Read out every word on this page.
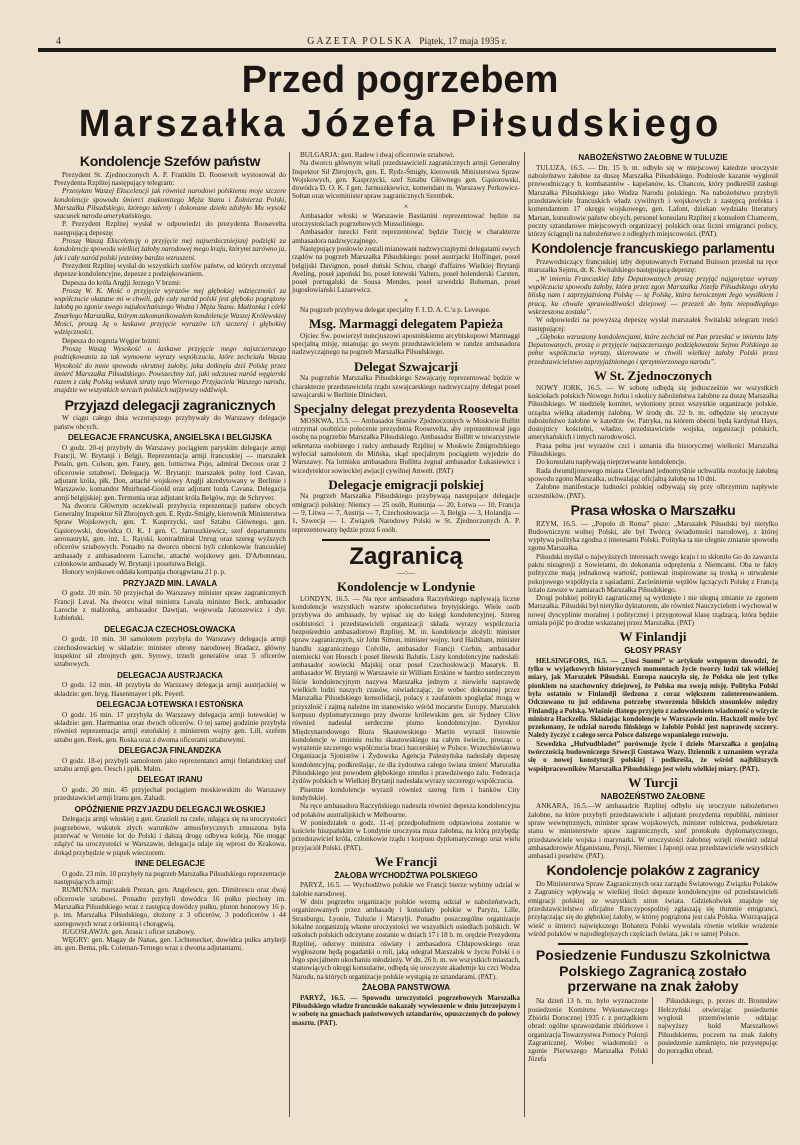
4	GAZETA POLSKA Piątek, 17 maja 1935 r.
Przed pogrzebem
Marszałka Józefa Piłsudskiego
Kondolencje Szefów państw
Prezydent St. Zjednoczonych A. P. Franklin D. Roosevelt wystosował do Prezydenta Rzplitej następujący telegram:
Przesyłam Waszej Ekscelencji jak również narodowi polskiemu moje szczere kondolencje spowodu śmierci znakomitego Męża Stanu i Żołnierza Polski, Marszałka Piłsudskiego, którego talenty i dokonane dzieło zdobyło Mu wysoki szacunek narodu amerykańskiego.
P. Prezydent Rzplitej wysłał w odpowiedzi do prezydenta Roosevelta następującą depeszę:
Proszę Waszą Ekscelencję o przyjęcie mej najserdeczniejszej podzięki za kondolencje spowodu wielkiej żałoby narodowej mego kraju, którymi zarówno ja, jak i cały naród polski jesteśmy bardzo wzruszeni.
Prezydent Rzplitej wysłał do wszystkich szefów państw, od których otrzymał depesze kondolencyjne, depesze z podziękowaniem.
Depesza do króla Anglji Jerzego V brzmi:
Proszę W. K. Mość o przyjęcie wyrazów mej głębokiej wdzięczności za współczucie okazane mi w chwili, gdy cały naród polski jest głęboko pogrążony żałobą po zgonie swego najukochańszego Wodza i Męża Stanu. Małżonka i córki Zmarłego Marszałka, którym zakomunikowałem kondolencje Waszej Królewskiej Mości, proszą Ją o łaskawe przyjęcie wyrazów ich szczerej i głębokiej wdzięczności.
Depesza do regenta Węgier brzmi:
Proszę Waszą Wysokość o łaskawe przyjęcie mego najszczerszego podziękowania za tak wymowne wyrazy współczucia, które zechciała Wasza Wysokość do mnie spowodu okrutnej żałoby, jaka dotknęła dziś Polskę przez śmierć Marszałka Piłsudskiego. Powszechny żal, jaki odczuwa naród węgierski razem z całą Polską wskutek straty tego Wiernego Przyjaciela Waszego narodu, znajdzie we wszystkich sercach polskich najżywszy oddźwięk.
Przyjazd delegacji zagranicznych
W ciągu całego dnia wczorajszego przybywały do Warszawy delegacje państw obcych.
DELEGACJE FRANCUSKA, ANGIELSKA I BELGIJSKA
O godz. 20-ej przybyły do Warszawy pociągiem paryskim delegacje armji Francji, W. Brytanji i Belgji. Reprezentacja armji francuskiej — marszałek Petain, gen. Colson, gen. Faury, gen. lotnictwa Pujo, admirał Decoux oraz 2 oficerowie sztabowi. Delegacja W. Brytanji: marszałek polny lord Cavan, adjutant króla, płk. Don, attaché wojskowy Anglji akredytowany w Berlinie i Warszawie, komandor Muirhead-Goold oraz adjutant lorda Cavana. Delegacja armji belgijskiej: gen. Termonia oraz adjutant króla Belgów, mjr. de Schryver.
Na dworcu Głównym oczekiwali przybycia reprezentacji państw obcych Generalny Inspektor Sił Zbrojnych gen. E. Rydz-Śmigły, kierownik Ministerstwa Spraw Wojskowych, gen. T. Kasprzycki, szef Sztabu Głównego, gen. Gąsiorowski, dowódca O. K. I gen. C. Jarnuszkiewicz, szef departamentu aeronautyki, gen. inż. L. Rayski, kontradmirał Unrug oraz szereg wyższych oficerów sztabowych. Ponadto na dworcu obecni byli członkowie francuskiej ambasady z ambasadorem Laroche, attaché wojskowy gen. D'Arbonneau, członkowie ambasady W. Brytanji i poselstwa Belgji.
Honory wojskowe oddała kompanja chorągwiana 21 p. p.
PRZYJAZD MIN. LAVALA
O godz. 20 min. 50 przyjechał do Warszawy minister spraw zagranicznych Francji Laval. Na dworcu witał ministra Lavala minister Beck, ambasador Laroche z małżonką, ambasador Dawtjan, wojewoda Jaroszewicz i dyr. Łubieński.
DELEGACJA CZECHOSŁOWACKA
O godz. 10 min. 30 samolotem przybyła do Warszawy delegacja armji czechosłowackiej w składzie: minister obrony narodowej Bradacz, główny inspektor sił zbrojnych gen. Syrowy, trzech generałów oraz 5 oficerów sztabowych.
DELEGACJA AUSTRJACKA
O godz. 12 min. 48 przybyła do Warszawy delegacja armji austrjackiej w składzie: gen. bryg. Hasenmayer i płk. Peyerl.
DELEGACJA ŁOTEWSKA I ESTOŃSKA
O godz. 16 min. 17 przybyła do Warszawy delegacja armji łotewskiej w składzie: gen. Hartmanisa oraz dwuch oficerów. O tej samej godzinie przybyła również reprezentacja armji estońskiej z ministrem wojny gen. Lill, szefem sztabu gen. Reek, gen. Roska oraz z dwoma oficerami sztabowymi.
DELEGACJA FINLANDZKA
O godz. 18-ej przybyli samolotem jako reprezentanci armji finlandzkiej szef sztabu armji gen. Oesch i ppłk. Malm.
DELEGAT IRANU
O godz. 20 min. 45 przyjechał pociągiem moskiewskim do Warszawy przedstawiciel armji Iranu gen. Zahadi.
OPÓŹNIENIE PRZYJAZDU DELEGACJI WŁOSKIEJ
Delegacja armji włoskiej z gen. Grazioli na czele, udająca się na uroczystości pogrzebowe, wskutek złych warunków atmosferycznych zmuszona była przerwać w Veronie lot do Polski i dalszą drogę odbywa koleją. Nie mogąc zdążyć na uroczystości w Warszawie, delegacja udaje się wprost do Krakowa, dokąd przybędzie w piątek wieczorem.
INNE DELEGACJE
O godz. 23 min. 10 przybyły na pogrzeb Marszałka Piłsudskiego reprezentacje następujących armji:
RUMUNJA: marszałek Prezan, gen. Angelescu, gen. Dimitrescu oraz dwaj oficerowie sztabowi. Ponadto przybyli dowódca 16 pułku piechoty im. Marszałka Piłsudskiego wraz z zastępcą dowódcy pułku, pluton honorowy 16 p. p. im. Marszałka Piłsudskiego, złożony z 3 oficerów, 3 podoficerów i 44 szeregowych wraz z orkiestrą i chorągwią.
JUGOSŁAWJA: gen. Arasic i oficer sztabowy.
WĘGRY: gen. Magay de Nanas, gen. Lichtenecker, dowódca pułku artylerji im. gen. Bema, płk. Coleman-Ternego wraz z dwoma adjutantami.
BULGARJA: gen. Radew i dwaj oficerowie sztabowi.
Na dworcu głównym witali przedstawicieli zagranicznych armji Generalny Inspektor Sił Zbrojnych, gen. E. Rydz-Śmigły, kierownik Ministerstwa Spraw Wojskowych, gen. Kasprzycki, szef Sztabu Głównego gen. Gąsiorowski, dowódca D. O. K. I gen. Jarnuszkiewicz, komendant m. Warszawy Perkowicz-Sołtan oraz wiceminister spraw zagranicznych Szembek.
×
Ambasador włoski w Warszawie Bastianini reprezentować będzie na uroczystościach pogrzebowych Mussoliniego.
Ambasador turecki Ferit reprezentować będzie Turcję w charakterze ambasadora nadzwyczajnego.
Następujący posłowie zostali mianowani nadzwyczajnymi delegatami swych rządów na pogrzeb Marszałka Piłsudskiego: poseł austrjacki Hoffinger, poseł belgijski Davignon, poseł duński Schou, chargé d'affaires Wielkiej Brytanji Aveling, poseł japoński Ito, poseł łotewski Valters, poseł holenderski Carsten, poseł portugalski de Sousa Mendes, poseł szwedzki Boheman, poseł jugosłowiański Lazarewicz.
×
Na pogrzeb przybywa delegat specjalny F. I. D. A. C.'u p. Leveque.
Msg. Marmaggi delegatem Papieża
Ojciec Św. powierzył nuncjuszowi apostolskiemu arcybiskupowi Marmaggi specjalną misję, mianując go swym przedstawicielem w randze ambasadora nadzwyczajnego na pogrzeb Marszałka Piłsudskiego.
Delegat Szwajcarji
Na pogrzebie Marszałka Piłsudskiego Szwajcarję reprezentować będzie w charakterze przedstawiciela rządu szwajcarskiego nadzwyczajny delegat poseł szwajcarski w Berlinie Dinichert.
Specjalny delegat prezydenta Roosevelta
MOSKWA, 15.5. — Ambasador Stanów Zjednoczonych w Moskwie Bullitt otrzymał osobiście polecenie prezydenta Roosevelta, aby reprezentował jego osobę na pogrzebie Marszałka Piłsudskiego. Ambasador Bullitt w towarzystwie sekretarza osobistego i radcy ambasady Rzplitej w Moskwie Żmigrodzkiego wyleciał samolotem do Mińska, skąd specjalnym pociągiem wyjedzie do Warszawy. Na lotnisku ambasadora Bullitta żegnał ambasador Łukasiewicz i wicedyrektor sowieckiej awjacji cywilnej Anwelt. (PAT)
Delegacje emigracji polskiej
Na pogrzeb Marszałka Piłsudskiego przybywają następujące delegacje emigracji polskiej: Niemcy — 25 osób, Rumunja — 20, Łotwa — 10, Francja — 9, Litwa — 7, Austrja — 7, Czechosłowacja — 3, Belgja — 3, Holandja — 1, Szwecja — 1. Związek Narodowy Polski w St. Zjednoczonych A. P. reprezentowany będzie przez 6 osób.
Zagranicą
—○—
Kondolencje w Londynie
LONDYN, 16.5. — Na ręce ambasadora Raczyńskiego napływają liczne kondolencje wszystkich warstw społeczeństwa brytyjskiego. Wiele osób przybywa do ambasady, by wpisać się do księgi kondolencyjnej. Szereg osobistości i przedstawicieli organizacji składa wyrazy współczucia bezpośrednio ambasadorowi Rzplitej. M. in. kondolencje złożyli: minister spraw zagranicznych, sir John Simon, minister wojny, lord Hailsham, minister handlu zagranicznego Colville, ambasador Francji Corbin, ambasador niemiecki von Hoesch i poseł litewski Balutis. Listy kondolencyjne nadesłali: ambasador sowiecki Majskij oraz poseł Czechosłowacji Masaryk. B. ambasador W. Brytanji w Warszawie sir William Erskine w bardzo serdecznym liście kondolencyjnym nazywa Marszałka jednym z niewielu naprawdę wielkich ludzi naszych czasów, oświadczając, że wobec dokonanej przez Marszałka Piłsudskiego konsolidacji, polacy z zaufaniem spoglądać mogą w przyszłość i zajmą należne im stanowisko wśród mocarstw Europy. Marszałek korpusu dyplomatycznego przy dworze królewskim gen. sir Sydney Clive również nadesłał serdeczne pismo kondolencyjne. Dyrektor Międzynarodowego Biura Skautowskiego Martin wyraził listownie kondolencje w imieniu ruchu skautowskiego na całym świecie, prosząc o wyrażenie szczerego współczucia braci harcerskiej w Polsce. Wszechświatowa Organizacja Sjonistów i Żydowska Agencja Palestyńska nadesłały depeszę kondolencyjną, podkreślając, że dla żydostwa całego świata śmierć Marszałka Piłsudskiego jest powodem głębokiego smutku i prawdziwego żalu. Federacja żydów polskich w Wielkiej Brytanji nadesłała wyrazy szczerego współczucia.
Pisemne kondolencje wyraził również szereg firm i banków City londyńskiej.
Na ręce ambasadora Raczyńskiego nadeszła również depesza kondolencyjna od polaków australijskich w Melbourne.
W poniedziałek o godz. 11-ej przedpołudniem odprawiona zostanie w kościele hiszpańskim w Londynie uroczysta msza żałobna, na którą przybędą: przedstawiciel króla, członkowie rządu i korpusu dyplomatycznego oraz wielu przyjaciół Polski. (PAT).
We Francji
ŻAŁOBA WYCHODŹTWA POLSKIEGO
PARYŻ, 16.5. — Wychodźtwo polskie we Francji bierze wybitny udział w żałobie narodowej.
W dniu pogrzebu organizacje polskie wezmą udział w nabożeństwach, organizowanych przez ambasadę i konsulaty polskie w Paryżu, Lille, Strasburgu, Lyonie, Tuluzie i Marsylji. Ponadto poszczególne organizacje lokalne zorganizują własne uroczystości we wszystkich osiedlach polskich. W szkołach polskich odczytane zostanie w dniach 17 i 18 b. m. orędzie Prezydenta Rzplitej, odezwy ministra oświaty i ambasadora Chłapowskiego oraz wygłoszone będą pogadanki o roli, jaką odegrał Marszałek w życiu Polski i o Jego specjalnem ukochaniu młodzieży. W dn. 26 b. m. we wszystkich miastach, stanowiących okręgi konsularne, odbędą się uroczyste akademje ku czci Wodza Narodu, na których organizacje polskie wystąpią ze sztandarami. (PAT).
ŻAŁOBA PANSTWOWA
PARYŻ, 16.5. — Spowodu uroczystości pogrzebowych Marszałka Piłsudskiego władze francuskie nakazały wywieszenie w dniu jutrzejszym i w sobotę na gmachach państwowych sztandarów, opuszczonych do połowy masztu. (PAT).
NABOŻEŃSTWO ŻAŁOBNE W TULUZIE
TULUZA, 16.5. — Dn. 15 b. m. odbyło się w miejscowej katedrze uroczyste nabożeństwo żałobne za duszę Marszałka Piłsudskiego. Podniosłe kazanie wygłosił przewodniczący b. kombatantów - kapelanów, ks. Chancou, który podkreślił zasługi Marszałka Piłsudskiego jako Wodza Narodu polskiego. Na nabożeństwo przybyli przedstawiciele francuskich władz cywilnych i wojskowych z zastępcą prefekta i komendantem 17 okręgu wojskowego, gen. Lafont, dziekan wydziału literatury Marsan, konsulowie państw obcych, personel konsulatu Rzplitej z konsulem Chamcem, poczty sztandarowe miejscowych organizacyj polskich oraz liczni emigranci polscy, którzy ściągnęli na nabożeństwo z odległych miejscowości. (PAT).
Kondolencje francuskiego parlamentu
Przewodniczący francuskiej izby deputowanych Fernand Buisson przesłał na ręce marszałka Sejmu, dr. K. Świtalskiego następującą depeszę:
„W imieniu Francuskiej Izby Deputowanych proszę przyjąć najgorętsze wyrazy współczucia spowodu żałoby, która przez zgon Marszałka Józefa Piłsudskiego okryła bliską nam i zaprzyjaźnioną Polskę — tę Polskę, która heroicznym Jego wysiłkiem i pracą, ku chwale sprawiedliwości dziejowej — przezeń do bytu niepodległego wskrzeszona została”.
W odpowiedzi na powyższą depeszę wysłał marszałek Świtalski telegram treści następującej:
„Głęboko wzruszony kondolencjami, które zechciał mi Pan przesłać w imieniu Izby Deputowanych, proszę o przyjęcie najszczerszego podziękowania Sejmu Polskiego za pełne współczucia wyrazy, skierowane w chwili wielkiej żałoby Polski przez przedstawicielstwo zaprzyjaźnionego i sprzymierzonego narodu”.
W St. Zjednoczonych
NOWY JORK, 16.5. — W sobotę odbędą się jednocześnie we wszystkich kościołach polskich Nowego Jorku i okolicy nabożeństwa żałobne za duszę Marszałka Piłsudskiego. W niedzielę komitet, wyłoniony przez wszystkie organizacje polskie, urządza wielką akademję żałobną. W środę dn. 22 b. m. odbędzie się uroczyste nabożeństwo żałobne w katedrze św. Patryka, na którem obecni będą kardynał Hays, dostojnicy kościelni, władze, przedstawiciele wojska, organizacji polskich, amerykańskich i innych narodowości.
Prasa pełna jest wyrazów czci i uznania dla historycznej wielkości Marszałka Piłsudskiego.
Do konsulatu napływają nieprzerwanie kondolencje.
Rada dwumiljonowego miasta Cleveland jednomyślnie uchwaliła rezolucję żałobną spowodu zgonu Marszałka, uchwalając oficjalną żałobę na 10 dni.
Żałobne manifestacje ludności polskiej odbywają się przy olbrzymim napływie uczestników. (PAT).
Prasa włoska o Marszałku
RZYM, 16.5. — „Popolo di Roma” pisze: „Marszałek Piłsudski był nietylko Budowniczym wolnej Polski, ale był Twórcą świadomości narodowej, z której wypływa polityka zgodna z interesami Polski. Polityka ta nie ulegnie zmianie spowodu zgonu Marszałka.
Piłsudski myślał o najwyższych interesach swego kraju i to skłoniło Go do zawarcia paktu nieagresji z Sowietami, do dokonania odprężenia z Niemcami. Oba te fakty polityczne mają jednakową wartość, ponieważ inspirowane są troską o utrwalenie pokojowego współżycia z sąsiadami. Zacieśnienie węzłów łączących Polskę z Francją leżało zawsze w zamiarach Marszałka Piłsudskiego.
Drogi polskiej polityki zagranicznej są wytknięte i nie ulegną zmianie ze zgonem Marszałka. Piłsudski był nietylko dyktatorem, ale również Nauczycielem i wychował w nowej dyscyplinie moralnej i politycznej i przygotował klasę rządzącą, która będzie umiała pójść po drodze wskazanej przez Marszałka. (PAT)
W Finlandji
GŁOSY PRASY
HELSINGFORS, 16.5. — „Uusi Suomi” w artykule wstępnym dowodzi, że tylko w wyjątkowych historycznych momentach życie tworzy ludzi tak wielkiej miary, jak Marszałek Piłsudski. Europa nauczyła się, że Polska nie jest tylko pionkiem na szachownicy dziejowej, że Polska ma swoją misję. Polityka Polski była ostatnio w Finlandji śledzona z coraz większem zainteresowaniem. Odczuwano tu już oddawna potrzebę stworzenia bliskich stosunków między Finlandją a Polską. Właśnie dlatego przyjęto z zadowoleniem wiadomość o wizycie ministra Hackzella. Składając kondolencje w Warszawie min. Hackzell może być przekonany, że udział narodu fińskiego w żałobie Polski jest naprawdę szczery. Należy życzyć z całego serca Polsce dalszego wspaniałego rozwoju.
Szwedzka „Hufvudbladet” porównuje życie i dzieło Marszałka z genjalną twórczością budowniczego Szwecji Gustawa Wazy. Dziennik z uznaniem wyraża się o nowej konstytucji polskiej i podkreśla, że wśród najbliższych współpracowników Marszałka Piłsudskiego jest wielu wielkiej miary. (PAT).
W Turcji
NABOŻEŃSTWO ŻAŁOBNE
ANKARA, 16.5.—W ambasadzie Rzplitej odbyło się uroczyste nabożeństwo żałobne, na które przybyli przedstawiciele i adjutant prezydenta republiki, minister spraw wewnętrznych, minister spraw wojskowych, minister rolnictwa, podsekretarz stanu w ministerstwie spraw zagranicznych, szef protokułu dyplomatycznego, przedstawiciele wojska i marynarki. W uroczystości żałobnej wzięli również udział ambasadorowie Afganistanu, Persji, Niemiec i Japonji oraz przedstawiciele wszystkich ambasad i poselstw. (PAT).
Kondolencje polaków z zagranicy
Do Ministerstwa Spraw Zagranicznych oraz zarządu Światowego Związku Polaków z Zagranicy wpływają w wielkiej ilości depesze kondolencyjne od przedstawicieli emigracji polskiej ze wszystkich stron świata. Gdziekolwiek znajduje się przedstawicielstwo oficjalne Rzeczypospolitej zgłaszają się tłumnie emigranci, przyłączając się do głębokiej żałoby, w której pogrążona jest cała Polska. Wstrząsająca wieść o śmierci największego Bohatera Polski wywołała równie wielkie wrażenie wśród polaków w najodleglejszych częściach świata, jak i w samej Polsce.
Posiedzenie Funduszu Szkolnictwa Polskiego Zagranicą zostało przerwane na znak żałoby
Na dzień 13 b. m. było wyznaczone posiedzenie Komitetu Wykonawczego Zbiórki Dorocznej 1935 r. z porządkiem obrad: ogólne sprawozdanie zbiórkowe i organizacja Towarzystwa Pomocy Polonji Zagranicznej. Wobec wiadomości o zgonie Pierwszego Marszałka Polski Józefa
Piłsudskiego, p. prezes dr. Bronisław Hełczyński otwierając posiedzenie wygłosił przemówienie oddając najwyższy hołd Marszałkowi Piłsudskiemu, poczem na znak żałoby posiedzenie zamknięto, nie przystępując do porządku obrad.
